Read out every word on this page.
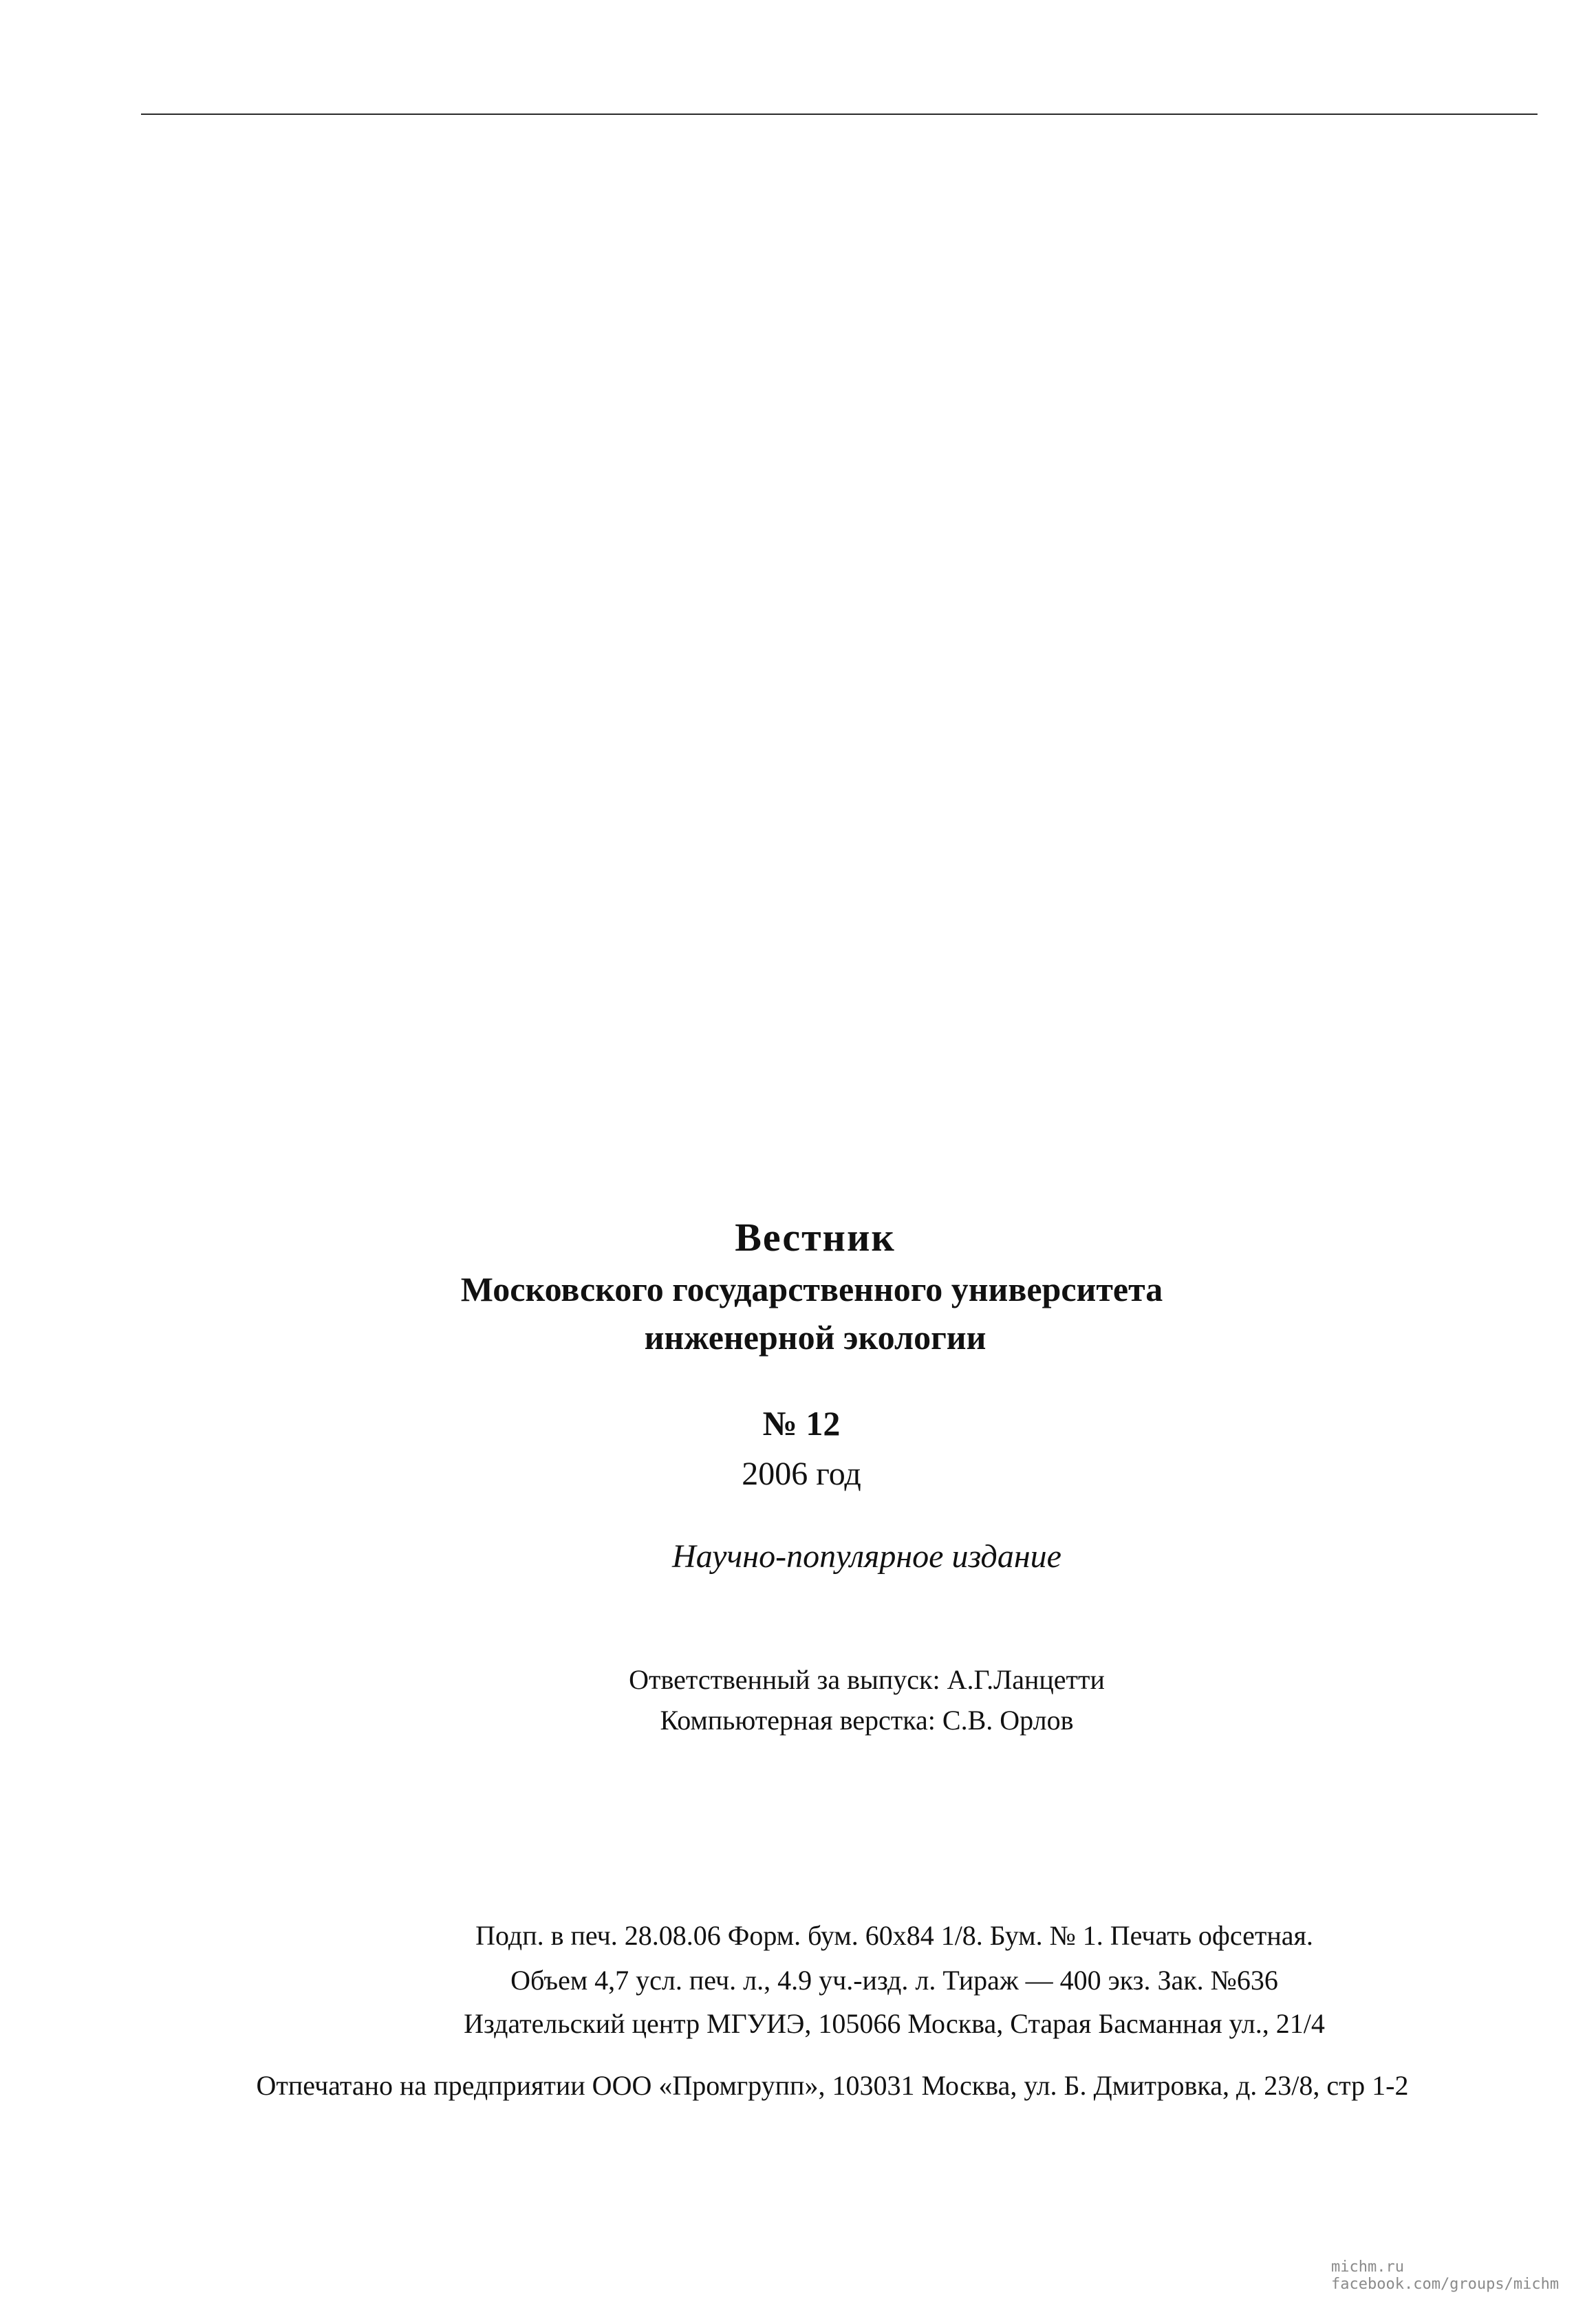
Вестник
Московского государственного университета
инженерной экологии
№ 12
2006 год
Научно-популярное издание
Ответственный за выпуск: А.Г.Ланцетти
Компьютерная верстка: С.В. Орлов
Подп. в печ. 28.08.06 Форм. бум. 60x84 1/8. Бум. № 1. Печать офсетная.
Объем 4,7 усл. печ. л., 4.9 уч.-изд. л. Тираж — 400 экз. Зак. №636
Издательский центр МГУИЭ, 105066 Москва, Старая Басманная ул., 21/4
Отпечатано на предприятии ООО «Промгрупп», 103031 Москва, ул. Б. Дмитровка, д. 23/8, стр 1-2
michm.ru
facebook.com/groups/michm
